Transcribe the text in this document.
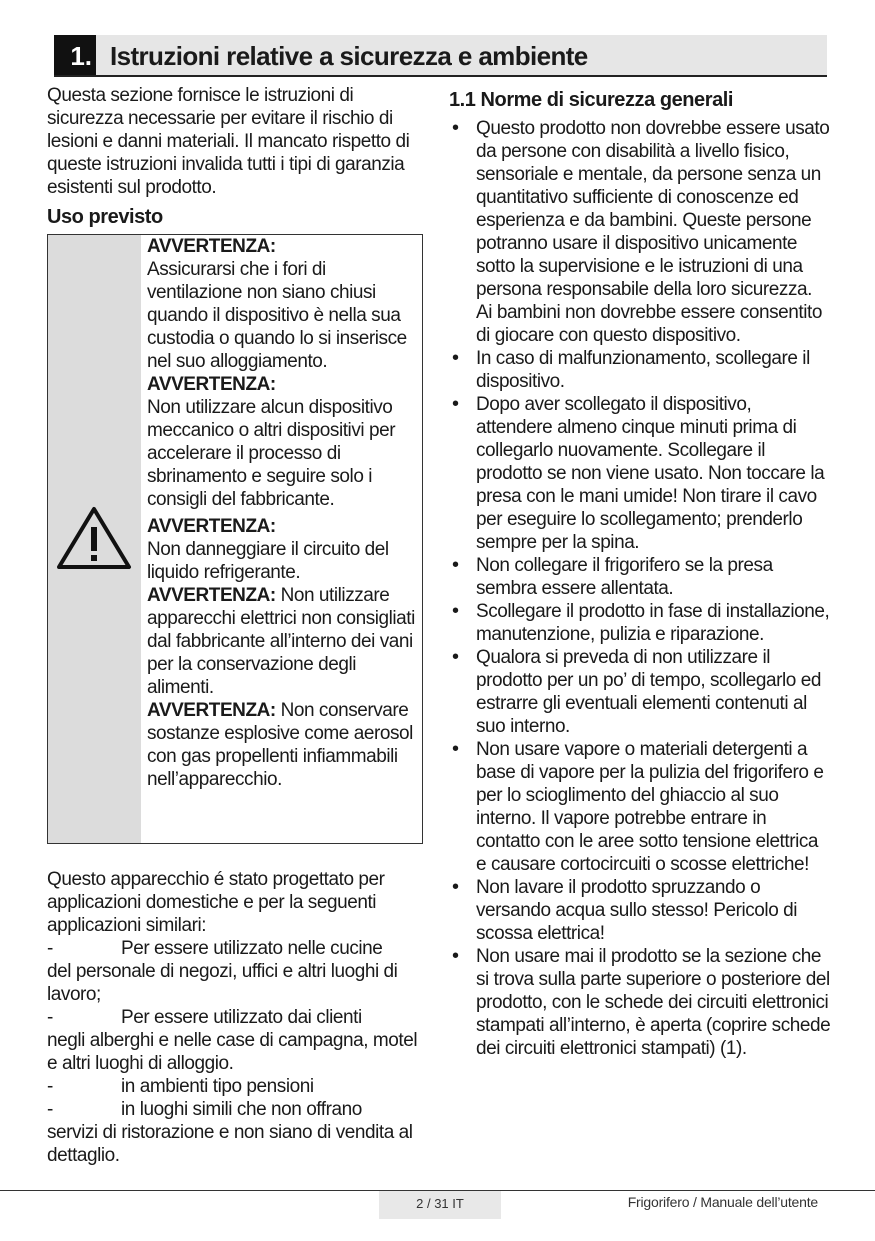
1. Istruzioni relative a sicurezza e ambiente

Questa sezione fornisce le istruzioni di sicurezza necessarie per evitare il rischio di lesioni e danni materiali. Il mancato rispetto di queste istruzioni invalida tutti i tipi di garanzia esistenti sul prodotto.

Uso previsto

AVVERTENZA:
Assicurarsi che i fori di ventilazione non siano chiusi quando il dispositivo è nella sua custodia o quando lo si inserisce nel suo alloggiamento.
AVVERTENZA:
Non utilizzare alcun dispositivo meccanico o altri dispositivi per accelerare il processo di sbrinamento e seguire solo i consigli del fabbricante.
AVVERTENZA:
Non danneggiare il circuito del liquido refrigerante.
AVVERTENZA: Non utilizzare apparecchi elettrici non consigliati dal fabbricante all’interno dei vani per la conservazione degli alimenti.
AVVERTENZA: Non conservare sostanze esplosive come aerosol con gas propellenti infiammabili nell’apparecchio.

Questo apparecchio é stato progettato per applicazioni domestiche e per la seguenti applicazioni similari:

-	Per essere utilizzato nelle cucine
del personale di negozi, uffici e altri luoghi di lavoro;
-	Per essere utilizzato dai clienti
negli alberghi e nelle case di campagna, motel e altri luoghi di alloggio.
-	in ambienti tipo pensioni
-	in luoghi simili che non offrano
servizi di ristorazione e non siano di vendita al dettaglio.

1.1 Norme di sicurezza generali

• Questo prodotto non dovrebbe essere usato da persone con disabilità a livello fisico, sensoriale e mentale, da persone senza un quantitativo sufficiente di conoscenze ed esperienza e da bambini. Queste persone potranno usare il dispositivo unicamente sotto la supervisione e le istruzioni di una persona responsabile della loro sicurezza. Ai bambini non dovrebbe essere consentito di giocare con questo dispositivo.
• In caso di malfunzionamento, scollegare il dispositivo.
• Dopo aver scollegato il dispositivo, attendere almeno cinque minuti prima di collegarlo nuovamente. Scollegare il prodotto se non viene usato. Non toccare la presa con le mani umide! Non tirare il cavo per eseguire lo scollegamento; prenderlo sempre per la spina.
• Non collegare il frigorifero se la presa sembra essere allentata.
• Scollegare il prodotto in fase di installazione, manutenzione, pulizia e riparazione.
• Qualora si preveda di non utilizzare il prodotto per un po’ di tempo, scollegarlo ed estrarre gli eventuali elementi contenuti al suo interno.
• Non usare vapore o materiali detergenti a base di vapore per la pulizia del frigorifero e per lo scioglimento del ghiaccio al suo interno. Il vapore potrebbe entrare in contatto con le aree sotto tensione elettrica e causare cortocircuiti o scosse elettriche!
• Non lavare il prodotto spruzzando o versando acqua sullo stesso! Pericolo di scossa elettrica!
• Non usare mai il prodotto se la sezione che si trova sulla parte superiore o posteriore del prodotto, con le schede dei circuiti elettronici stampati all’interno, è aperta (coprire schede dei circuiti elettronici stampati) (1).
2 / 31 IT	Frigorifero / Manuale dell’utente
